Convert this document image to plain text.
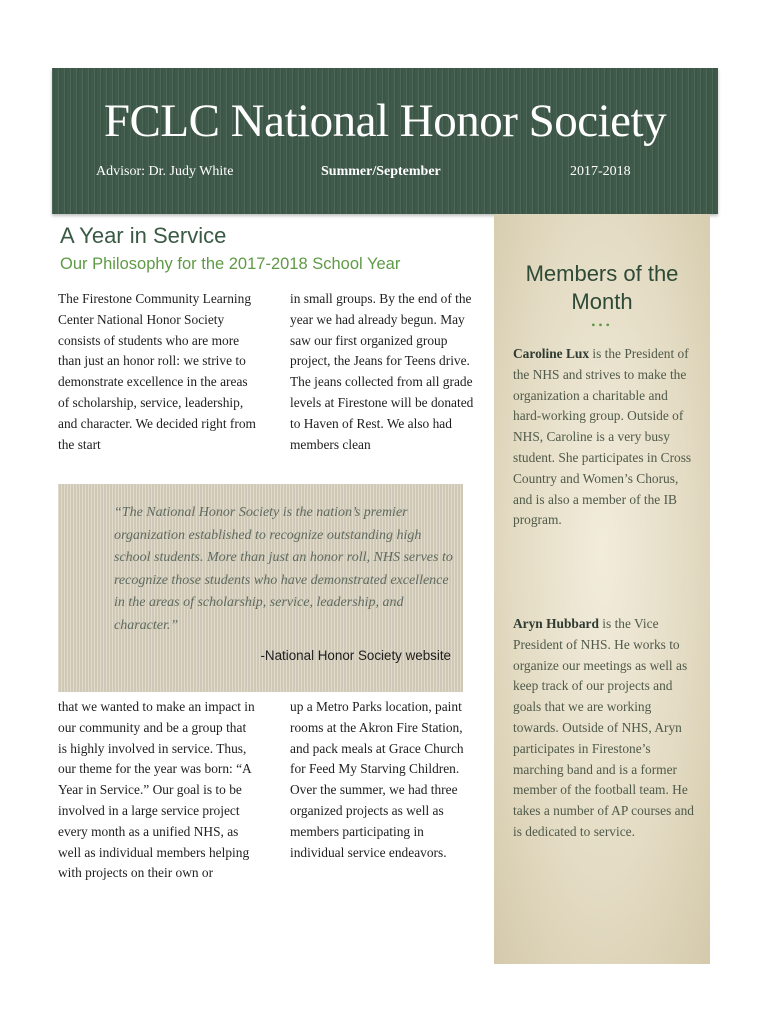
FCLC National Honor Society
Advisor: Dr. Judy White	Summer/September	2017-2018
A Year in Service
Our Philosophy for the 2017-2018 School Year
The Firestone Community Learning Center National Honor Society consists of students who are more than just an honor roll: we strive to demonstrate excellence in the areas of scholarship, service, leadership, and character. We decided right from the start
in small groups. By the end of the year we had already begun. May saw our first organized group project, the Jeans for Teens drive. The jeans collected from all grade levels at Firestone will be donated to Haven of Rest. We also had members clean
“The National Honor Society is the nation’s premier organization established to recognize outstanding high school students. More than just an honor roll, NHS serves to recognize those students who have demonstrated excellence in the areas of scholarship, service, leadership, and character.”
-National Honor Society website
that we wanted to make an impact in our community and be a group that is highly involved in service. Thus, our theme for the year was born: “A Year in Service.” Our goal is to be involved in a large service project every month as a unified NHS, as well as individual members helping with projects on their own or
up a Metro Parks location, paint rooms at the Akron Fire Station, and pack meals at Grace Church for Feed My Starving Children. Over the summer, we had three organized projects as well as members participating in individual service endeavors.
Members of the Month
•••
Caroline Lux is the President of the NHS and strives to make the organization a charitable and hard-working group. Outside of NHS, Caroline is a very busy student. She participates in Cross Country and Women’s Chorus, and is also a member of the IB program.
Aryn Hubbard is the Vice President of NHS. He works to organize our meetings as well as keep track of our projects and goals that we are working towards. Outside of NHS, Aryn participates in Firestone’s marching band and is a former member of the football team. He takes a number of AP courses and is dedicated to service.
